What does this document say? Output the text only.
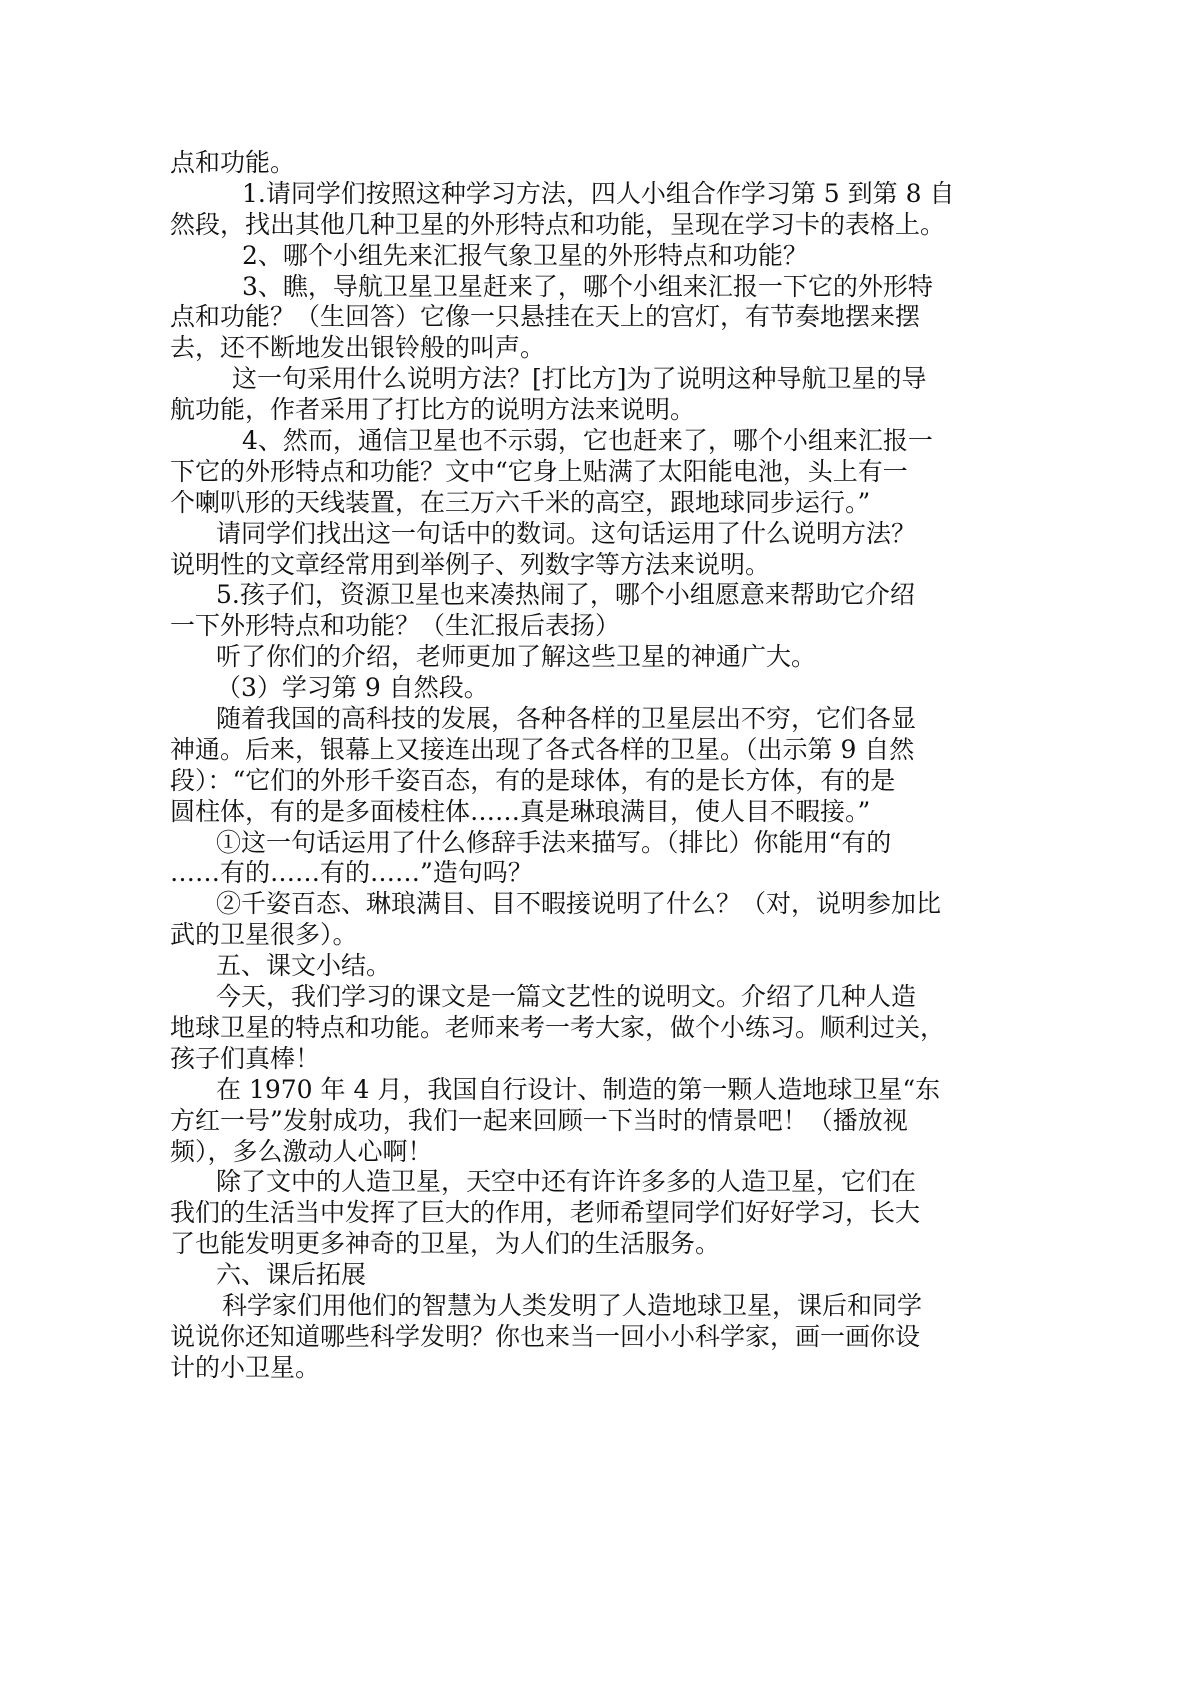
点和功能。
1.请同学们按照这种学习方法，四人小组合作学习第 5 到第 8 自
然段，找出其他几种卫星的外形特点和功能，呈现在学习卡的表格上。
2、哪个小组先来汇报气象卫星的外形特点和功能？
3、瞧，导航卫星卫星赶来了，哪个小组来汇报一下它的外形特
点和功能？（生回答）它像一只悬挂在天上的宫灯，有节奏地摆来摆
去，还不断地发出银铃般的叫声。
这一句采用什么说明方法？[打比方]为了说明这种导航卫星的导
航功能，作者采用了打比方的说明方法来说明。
4、然而，通信卫星也不示弱，它也赶来了，哪个小组来汇报一
下它的外形特点和功能？文中“它身上贴满了太阳能电池，头上有一
个喇叭形的天线装置，在三万六千米的高空，跟地球同步运行。”
请同学们找出这一句话中的数词。这句话运用了什么说明方法？
说明性的文章经常用到举例子、列数字等方法来说明。
5.孩子们，资源卫星也来凑热闹了，哪个小组愿意来帮助它介绍
一下外形特点和功能？（生汇报后表扬）
听了你们的介绍，老师更加了解这些卫星的神通广大。
（3）学习第 9 自然段。
随着我国的高科技的发展，各种各样的卫星层出不穷，它们各显
神通。后来，银幕上又接连出现了各式各样的卫星。（出示第 9 自然
段）：“它们的外形千姿百态，有的是球体，有的是长方体，有的是
圆柱体，有的是多面棱柱体……真是琳琅满目，使人目不暇接。”
①这一句话运用了什么修辞手法来描写。（排比）你能用“有的
……有的……有的……”造句吗？
②千姿百态、琳琅满目、目不暇接说明了什么？（对，说明参加比
武的卫星很多）。
五、课文小结。
今天，我们学习的课文是一篇文艺性的说明文。介绍了几种人造
地球卫星的特点和功能。老师来考一考大家，做个小练习。顺利过关，
孩子们真棒！
在 1970 年 4 月，我国自行设计、制造的第一颗人造地球卫星“东
方红一号”发射成功，我们一起来回顾一下当时的情景吧！（播放视
频），多么激动人心啊！
除了文中的人造卫星，天空中还有许许多多的人造卫星，它们在
我们的生活当中发挥了巨大的作用，老师希望同学们好好学习，长大
了也能发明更多神奇的卫星，为人们的生活服务。
六、课后拓展
科学家们用他们的智慧为人类发明了人造地球卫星，课后和同学
说说你还知道哪些科学发明？你也来当一回小小科学家，画一画你设
计的小卫星。
